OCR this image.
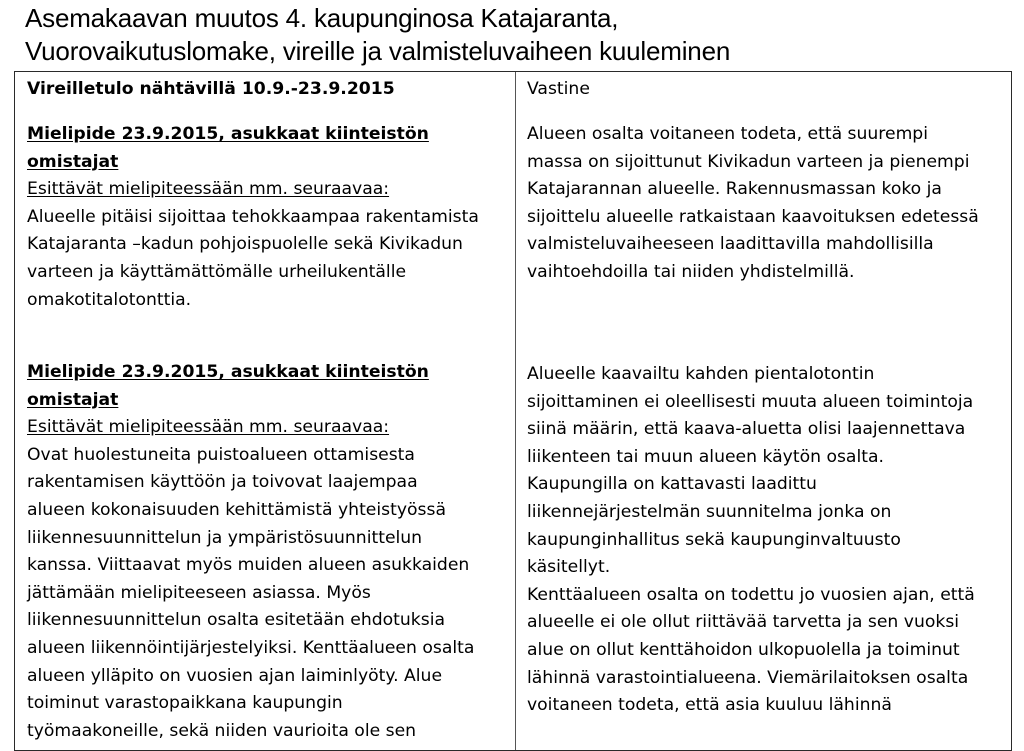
Asemakaavan muutos 4. kaupunginosa Katajaranta,
Vuorovaikutuslomake, vireille ja valmisteluvaiheen kuuleminen
Vireilletulo nähtävillä 10.9.-23.9.2015
Mielipide 23.9.2015, asukkaat kiinteistön
omistajat
Esittävät mielipiteessään mm. seuraavaa:
Alueelle pitäisi sijoittaa tehokkaampaa rakentamista
Katajaranta –kadun pohjoispuolelle sekä Kivikadun
varteen ja käyttämättömälle urheilukentälle
omakotitalotonttia.
Mielipide 23.9.2015, asukkaat kiinteistön
omistajat
Esittävät mielipiteessään mm. seuraavaa:
Ovat huolestuneita puistoalueen ottamisesta
rakentamisen käyttöön ja toivovat laajempaa
alueen kokonaisuuden kehittämistä yhteistyössä
liikennesuunnittelun ja ympäristösuunnittelun
kanssa. Viittaavat myös muiden alueen asukkaiden
jättämään mielipiteeseen asiassa. Myös
liikennesuunnittelun osalta esitetään ehdotuksia
alueen liikennöintijärjestelyiksi. Kenttäalueen osalta
alueen ylläpito on vuosien ajan laiminlyöty. Alue
toiminut varastopaikkana kaupungin
työmaakoneille, sekä niiden vaurioita ole sen
Vastine
Alueen osalta voitaneen todeta, että suurempi
massa on sijoittunut Kivikadun varteen ja pienempi
Katajarannan alueelle. Rakennusmassan koko ja
sijoittelu alueelle ratkaistaan kaavoituksen edetessä
valmisteluvaiheeseen laadittavilla mahdollisilla
vaihtoehdoilla tai niiden yhdistelmillä.
Alueelle kaavailtu kahden pientalotontin
sijoittaminen ei oleellisesti muuta alueen toimintoja
siinä määrin, että kaava-aluetta olisi laajennettava
liikenteen tai muun alueen käytön osalta.
Kaupungilla on kattavasti laadittu
liikennejärjestelmän suunnitelma jonka on
kaupunginhallitus sekä kaupunginvaltuusto
käsitellyt.
Kenttäalueen osalta on todettu jo vuosien ajan, että
alueelle ei ole ollut riittävää tarvetta ja sen vuoksi
alue on ollut kenttähoidon ulkopuolella ja toiminut
lähinnä varastointialueena. Viemärilaitoksen osalta
voitaneen todeta, että asia kuuluu lähinnä
